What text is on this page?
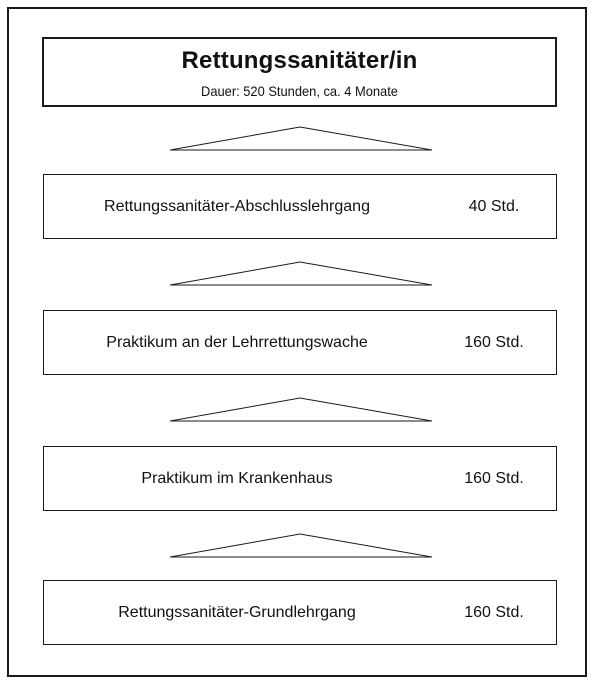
Rettungssanitäter/in
Dauer: 520 Stunden, ca. 4 Monate
Rettungssanitäter-Abschlusslehrgang	40 Std.
Praktikum an der Lehrrettungswache	160 Std.
Praktikum im Krankenhaus	160 Std.
Rettungssanitäter-Grundlehrgang	160 Std.
